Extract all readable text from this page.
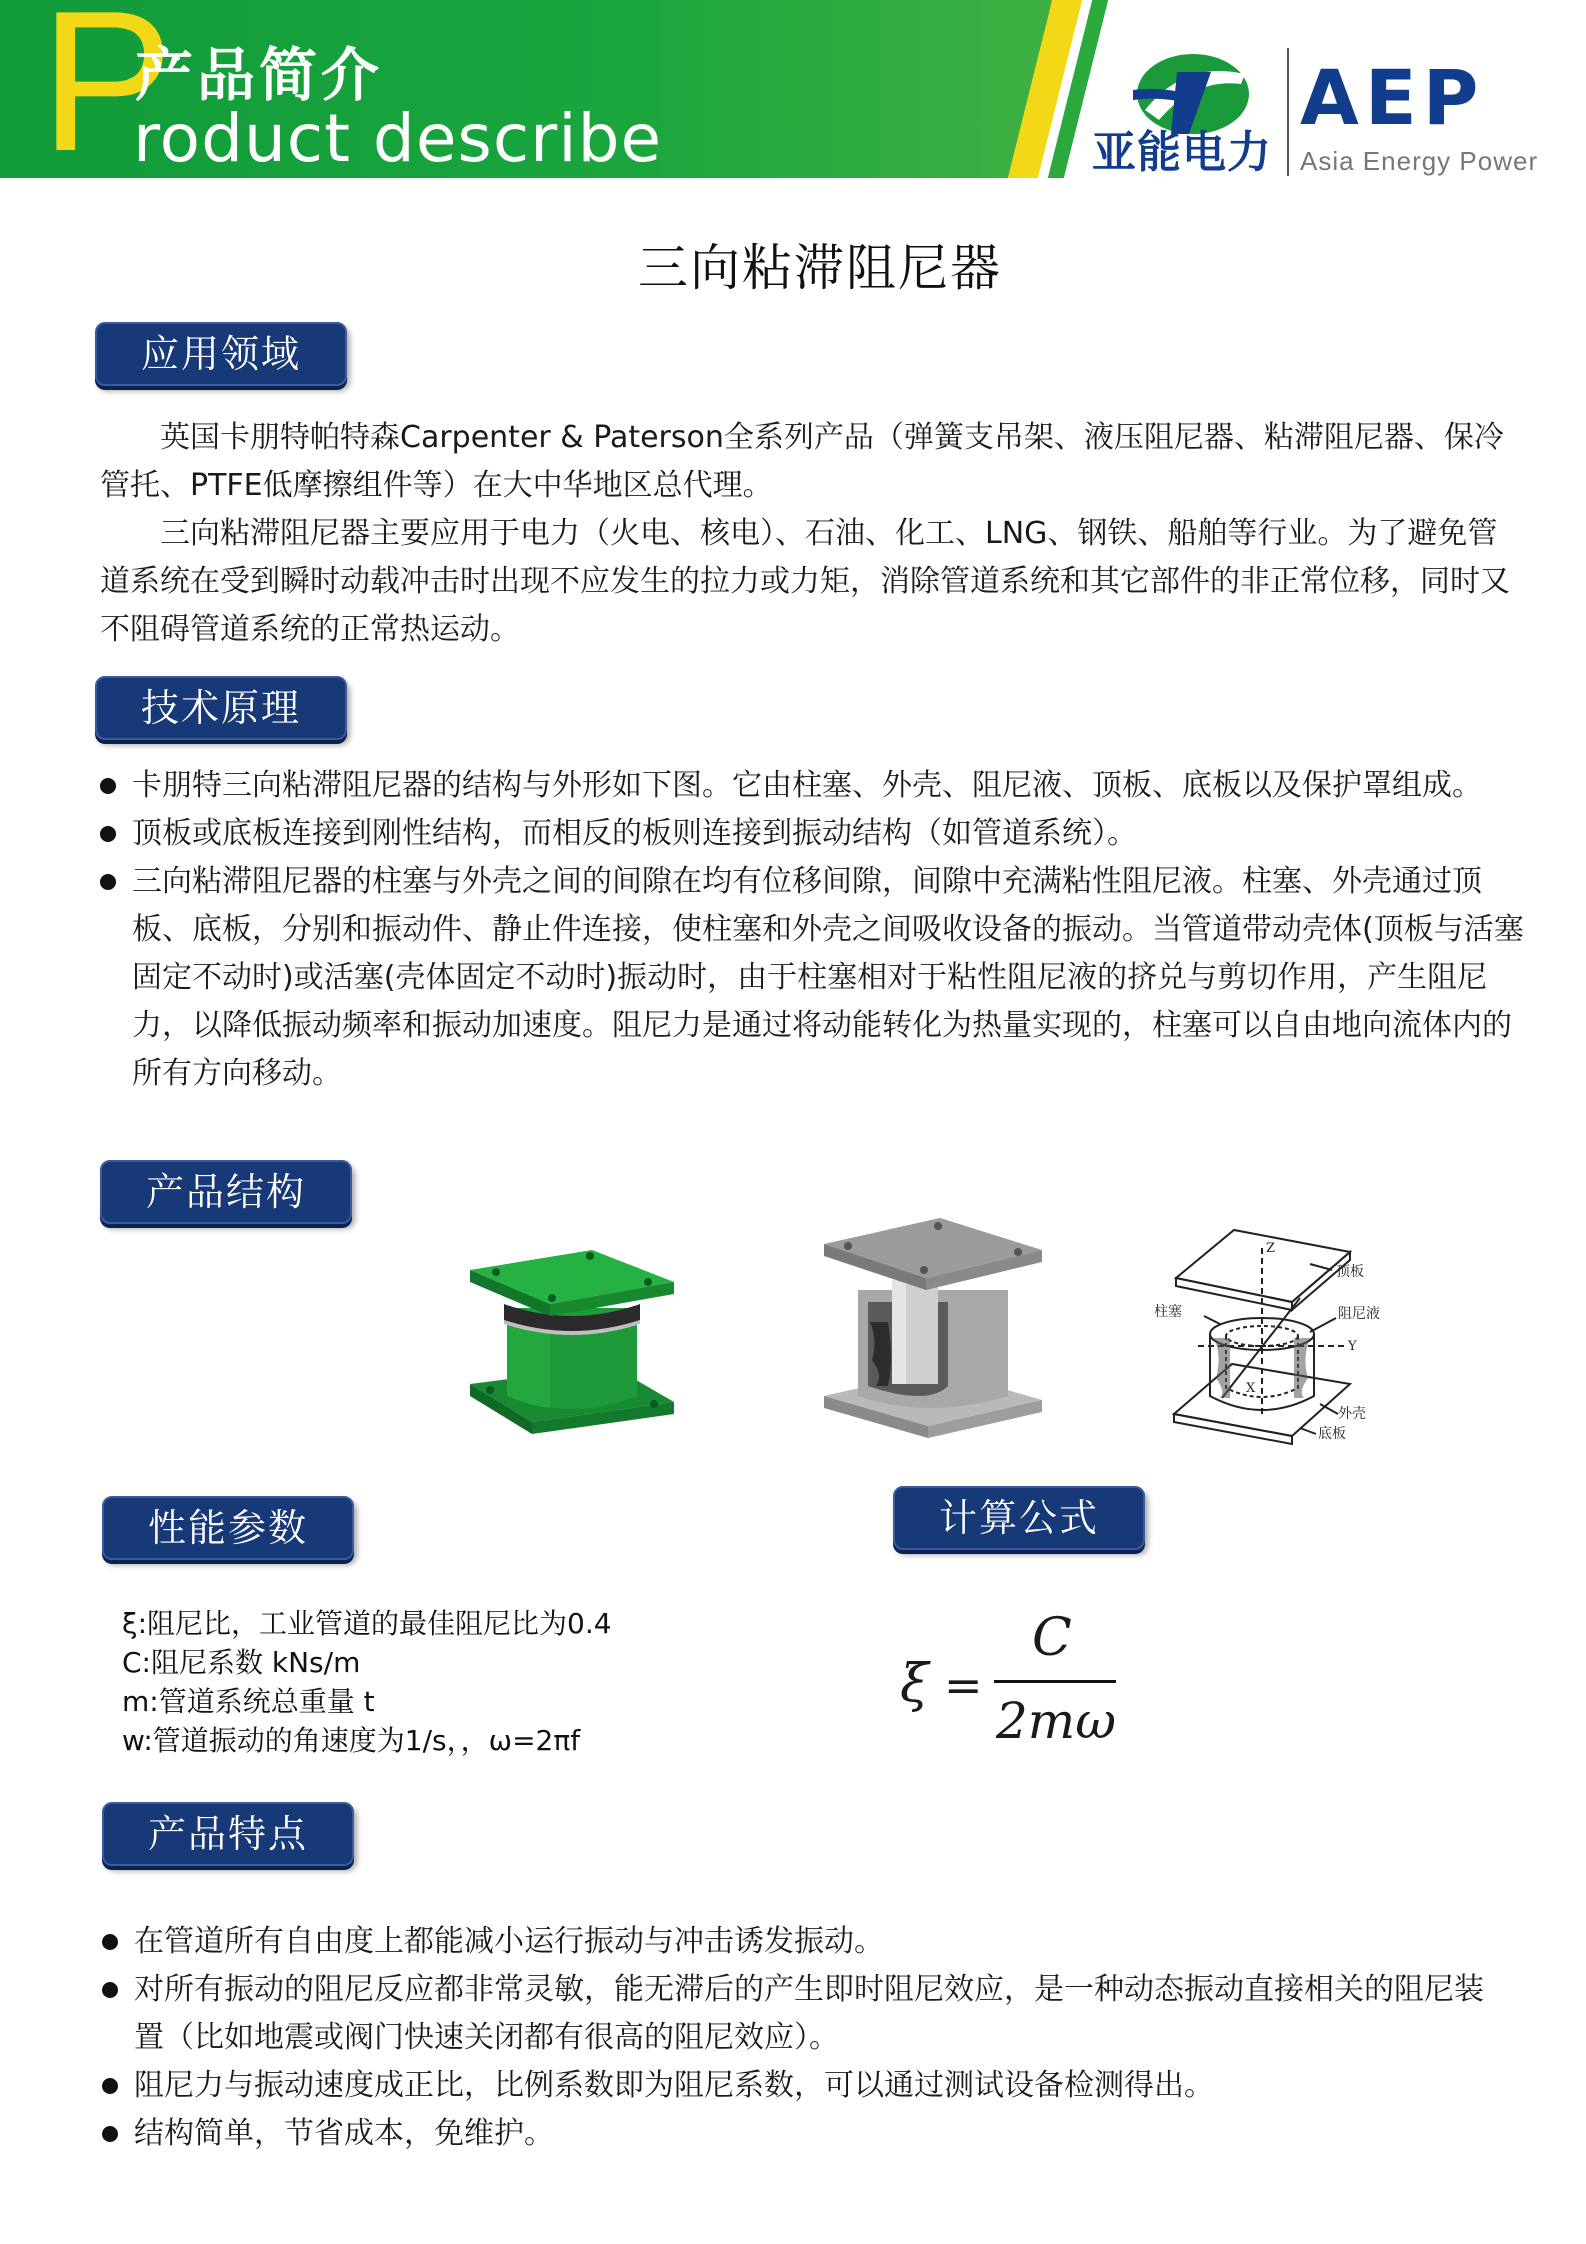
P
产品简介
roduct describe	亚能电力
AEP
Asia Energy Power
三向粘滞阻尼器
应用领域

英国卡朋特帕特森Carpenter & Paterson全系列产品（弹簧支吊架、液压阻尼器、粘滞阻尼器、保冷管托、PTFE低摩擦组件等）在大中华地区总代理。

三向粘滞阻尼器主要应用于电力（火电、核电）、石油、化工、LNG、钢铁、船舶等行业。为了避免管道系统在受到瞬时动载冲击时出现不应发生的拉力或力矩，消除管道系统和其它部件的非正常位移，同时又不阻碍管道系统的正常热运动。

技术原理
卡朋特三向粘滞阻尼器的结构与外形如下图。它由柱塞、外壳、阻尼液、顶板、底板以及保护罩组成。
顶板或底板连接到刚性结构，而相反的板则连接到振动结构（如管道系统）。
三向粘滞阻尼器的柱塞与外壳之间的间隙在均有位移间隙，间隙中充满粘性阻尼液。柱塞、外壳通过顶板、底板，分别和振动件、静止件连接，使柱塞和外壳之间吸收设备的振动。当管道带动壳体(顶板与活塞固定不动时)或活塞(壳体固定不动时)振动时，由于柱塞相对于粘性阻尼液的挤兑与剪切作用，产生阻尼力，以降低振动频率和振动加速度。阻尼力是通过将动能转化为热量实现的，柱塞可以自由地向流体内的所有方向移动。
产品结构
Z
顶板
柱塞	阻尼液
Y
X
外壳
底板
性能参数
ξ:阻尼比，工业管道的最佳阻尼比为0.4
C:阻尼系数 kNs/m
m:管道系统总重量 t
w:管道振动的角速度为1/s，，ω=2πf
计算公式
ξ =
C
2mω
产品特点
在管道所有自由度上都能减小运行振动与冲击诱发振动。
对所有振动的阻尼反应都非常灵敏，能无滞后的产生即时阻尼效应，是一种动态振动直接相关的阻尼装置（比如地震或阀门快速关闭都有很高的阻尼效应）。
阻尼力与振动速度成正比，比例系数即为阻尼系数，可以通过测试设备检测得出。
结构简单，节省成本，免维护。
